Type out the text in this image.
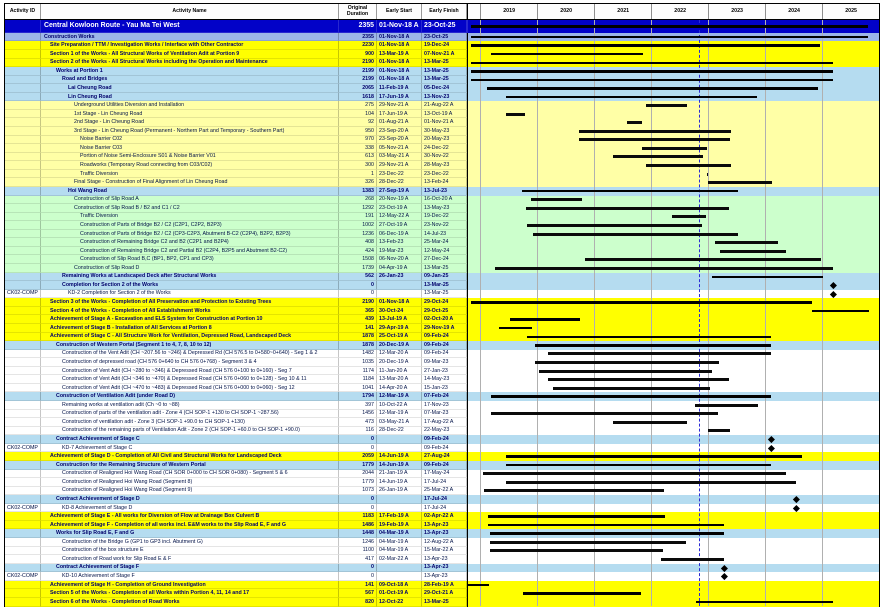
Activity ID	Activity Name	Original Duration	Early Start	Early Finish	2019	2020	2021	2022	2023	2024	2025
Central Kowloon Route - Yau Ma Tei West	2355 01-Nov-18 A 23-Oct-25
Construction Works	2355 01-Nov-18 A	23-Oct-25
Site Preparation / TTM / Investigation Works / Interface with Other Contractor	2230 01-Nov-18 A	19-Dec-24
Section 1 of the Works - All Structural Works of Ventilation Adit at Portion 9	900 13-Mar-19 A	07-Nov-21 A
Section 2 of the Works - All Structural Works including the Operation and Maintenance	2190 01-Nov-18 A	13-Mar-25
Works at Portion 1	2199 01-Nov-18 A	13-Mar-25
Road and Bridges	2199 01-Nov-18 A	13-Mar-25
Lai Cheung Road	2065 11-Feb-19 A	05-Dec-24
Lin Cheung Road	1618 17-Jun-19 A	13-Nov-23
Underground Utilities Diversion and Installation	275 29-Nov-21 A	21-Aug-22 A
1st Stage - Lin Cheung Road	104 17-Jun-19 A	13-Oct-19 A
2nd Stage - Lin Cheung Road	92 01-Aug-21 A	01-Nov-21 A
3rd Stage - Lin Cheung Road (Permanent - Northern Part and Temporary - Southern Part)	950 23-Sep-20 A	30-May-23
Noise Barrier C02	970 23-Sep-20 A	20-May-23
Noise Barrier C03	338 05-Nov-21 A	24-Dec-22
Portion of Noise Semi-Enclosure S01 & Noise Barrier V01	613 03-May-21 A	30-Nov-22
Roadworks (Temporary Road connecting from C03/C02)	300 29-Nov-21 A	28-May-23
Traffic Diversion	1 23-Dec-22	23-Dec-22
Final Stage - Construction of Final Alignment of Lin Cheung Road	326 28-Dec-22	13-Feb-24
Hoi Wang Road	1383 27-Sep-19 A	13-Jul-23
Construction of Slip Road A	268 20-Nov-19 A	16-Oct-20 A
Construction of Slip Road B / B2 and C1 / C2	1292 23-Oct-19 A	13-May-23
Traffic Diversion	191 12-May-22 A	19-Dec-22
Construction of Parts of Bridge B2 / C2 (C2P1, C2P2, B2P3)	1002 27-Oct-19 A	23-Nov-22
Construction of Parts of Bridge B2 / C2 (CP3-C2P3, Abutment B-C2 (C2P4), B2P2, B2P3)	1236 06-Dec-19 A	14-Jul-23
Construction of Remaining Bridge C2 and B2 (C2P1 and B2P4)	408 13-Feb-23	25-Mar-24
Construction of Remaining Bridge C2 and Partial B2 (C2P4, B2P5 and Abutment B2-C2)	424 19-Mar-23	12-May-24
Construction of Slip Road B,C (BP1, BP2, CP1 and CP3)	1508 06-Nov-20 A	27-Dec-24
Construction of Slip Road D	1739 04-Apr-19 A	13-Mar-25
Remaining Works at Landscaped Deck after Structural Works	562 26-Jan-23	09-Jan-25
Completion for Section 2 of the Works	0	13-Mar-25
CK02-COMP	KD-2 Completion for Section 2 of the Works	0	13-Mar-25
Section 3 of the Works - Completion of All Preservation and Protection to Existing Trees	2190 01-Nov-18 A	29-Oct-24
Section 4 of the Works - Completion of All Establishment Works	365 30-Oct-24	29-Oct-25
Achievement of Stage A - Excavation and ELS System for Construction at Portion 10	439 13-Jul-19 A	02-Oct-20 A
Achievement of Stage B - Installation of All Services at Portion 8	141 29-Apr-19 A	29-Nov-19 A
Achievement of Stage C - All Structure Work for Ventilation, Depressed Road, Landscaped Deck	1878 25-Oct-19 A	09-Feb-24
Construction of Western Portal (Segment 1 to 4, 7, 8, 10 to 12)	1878 20-Dec-19 A	09-Feb-24
Construction of the Vent Adit (CH ~207.56 to ~246) & Depressed Rd (CH 576.5 to 0+580~0+640) - Seg 1 & 2	1482 12-Mar-20 A	09-Feb-24
Construction of depressed road (CH 576 0+640 to CH 576 0+768) - Segment 3 & 4	1035 20-Dec-19 A	09-Mar-23
Construction of Vent Adit (CH ~280 to ~346) & Depressed Road (CH 576 0+100 to 0+160) - Seg 7	1174 11-Jan-20 A	27-Jan-23
Construction of Vent Adit (CH ~346 to ~470) & Depressed Road (CH 576 0+060 to 0+128) - Seg 10 & 11	1184 13-Mar-20 A	14-May-23
Construction of Vent Adit (CH ~470 to ~483) & Depressed Road (CH 576 0+000 to 0+060) - Seg 12	1041 14-Apr-20 A	15-Jan-23
Construction of Ventilation Adit (under Road D)	1794 12-Mar-19 A	07-Feb-24
Remaining works at ventilation adit (Ch ~0 to ~88)	397 10-Oct-22 A	17-Nov-23
Construction of parts of the ventilation adit - Zone 4 (CH SOP-1 +130 to CH SOP-1 ~287.56)	1456 12-Mar-19 A	07-Mar-23
Construction of ventilation adit - Zone 3 (CH SOP-1 +90.0 to CH SOP-1 +130)	473 03-May-21 A	17-Aug-22 A
Construction of the remaining parts of Ventilation Adit - Zone 2 (CH SOP-1 +60.0 to CH SOP-1 +90.0)	116 28-Dec-22	22-May-23
Contract Achievement of Stage C	0	09-Feb-24
CK02-COMP	KD-7 Achievement of Stage C	0	09-Feb-24
Achievement of Stage D - Completion of All Civil and Structural Works for Landscaped Deck	2059 14-Jun-19 A	27-Aug-24
Construction for the Remaining Structure of Western Portal	1779 14-Jun-19 A	09-Feb-24
Construction of Realigned Hoi Wang Road (CH SOR 0+000 to CH SOR 0+080) - Segment 5 & 6	2044 21-Jan-19 A	17-May-24
Construction of Realigned Hoi Wang Road (Segment 8)	1779 14-Jun-19 A	17-Jul-24
Construction of Realigned Hoi Wang Road (Segment 9)	1073 26-Jan-19 A	25-Mar-22 A
Contract Achievement of Stage D	0	17-Jul-24
CK02-COMP	KD-8 Achievement of Stage D	0	17-Jul-24
Achievement of Stage E - All works for Diversion of Flow at Drainage Box Culvert B	1183 17-Feb-19 A	02-Apr-22 A
Achievement of Stage F - Completion of all works incl. E&M works to the Slip Road E, F and G	1486 19-Feb-19 A	13-Apr-23
Works for Slip Road E, F and G	1448 04-Mar-19 A	13-Apr-23
Construction of the Bridge G (GP1 to GP3 incl. Abutment G)	1246 04-Mar-19 A	12-Aug-22 A
Construction of the box structure E	1100 04-Mar-19 A	15-Mar-22 A
Construction of Road work for Slip Road E & F	417 02-Mar-22 A	13-Apr-23
Contract Achievement of Stage F	0	13-Apr-23
CK02-COMP	KD-10 Achievement of Stage F	0	13-Apr-23
Achievement of Stage H - Completion of Ground Investigation	141 09-Oct-18 A	28-Feb-19 A
Section 5 of the Works - Completion of all Works within Portion 4, 11, 14 and 17	567 01-Oct-19 A	29-Oct-21 A
Section 6 of the Works - Completion of Road Works	820 12-Oct-22	13-Mar-25
